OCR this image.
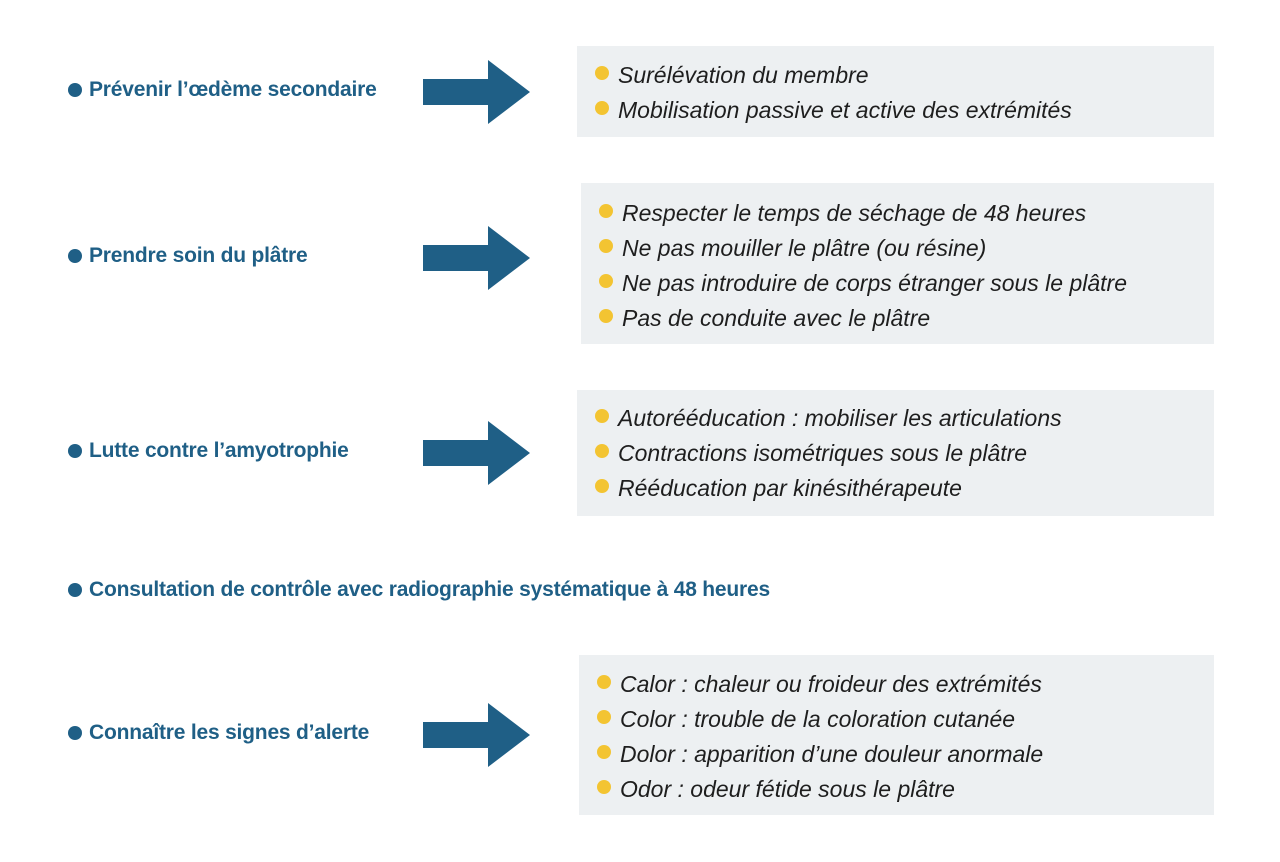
Prévenir l’œdème secondaire
Surélévation du membre
Mobilisation passive et active des extrémités
Prendre soin du plâtre
Respecter le temps de séchage de 48 heures
Ne pas mouiller le plâtre (ou résine)
Ne pas introduire de corps étranger sous le plâtre
Pas de conduite avec le plâtre
Lutte contre l’amyotrophie
Autorééducation : mobiliser les articulations
Contractions isométriques sous le plâtre
Rééducation par kinésithérapeute
Consultation de contrôle avec radiographie systématique à 48 heures
Connaître les signes d’alerte
Calor : chaleur ou froideur des extrémités
Color : trouble de la coloration cutanée
Dolor : apparition d’une douleur anormale
Odor : odeur fétide sous le plâtre
